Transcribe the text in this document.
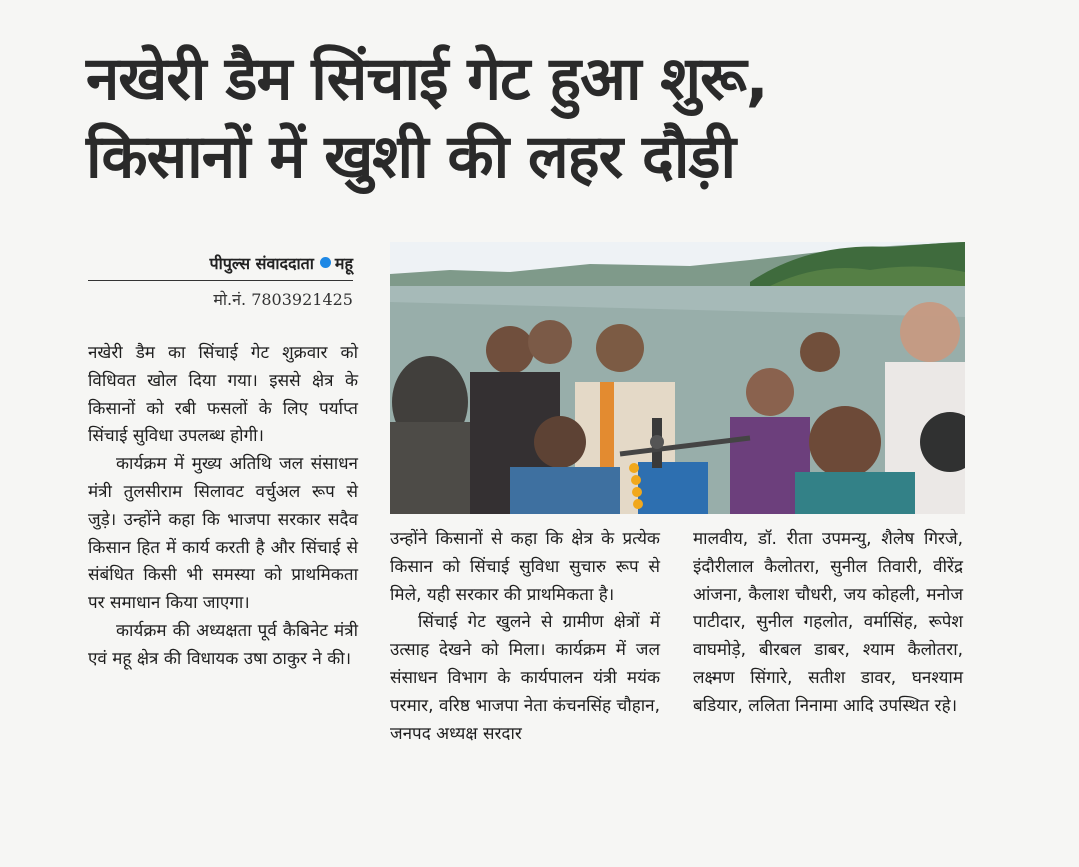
नखेरी डैम सिंचाई गेट हुआ शुरू,
किसानों में खुशी की लहर दौड़ी
पीपुल्स संवाददाता महू
मो.नं. 7803921425

नखेरी डैम का सिंचाई गेट शुक्रवार को विधिवत खोल दिया गया। इससे क्षेत्र के किसानों को रबी फसलों के लिए पर्याप्त सिंचाई सुविधा उपलब्ध होगी।

कार्यक्रम में मुख्य अतिथि जल संसाधन मंत्री तुलसीराम सिलावट वर्चुअल रूप से जुड़े। उन्होंने कहा कि भाजपा सरकार सदैव किसान हित में कार्य करती है और सिंचाई से संबंधित किसी भी समस्या को प्राथमिकता पर समाधान किया जाएगा।

कार्यक्रम की अध्यक्षता पूर्व कैबिनेट मंत्री एवं महू क्षेत्र की विधायक उषा ठाकुर ने की।

उन्होंने किसानों से कहा कि क्षेत्र के प्रत्येक किसान को सिंचाई सुविधा सुचारु रूप से मिले, यही सरकार की प्राथमिकता है।

सिंचाई गेट खुलने से ग्रामीण क्षेत्रों में उत्साह देखने को मिला। कार्यक्रम में जल संसाधन विभाग के कार्यपालन यंत्री मयंक परमार, वरिष्ठ भाजपा नेता कंचनसिंह चौहान, जनपद अध्यक्ष सरदार

मालवीय, डॉ. रीता उपमन्यु, शैलेष गिरजे, इंदौरीलाल कैलोतरा, सुनील तिवारी, वीरेंद्र आंजना, कैलाश चौधरी, जय कोहली, मनोज पाटीदार, सुनील गहलोत, वर्मासिंह, रूपेश वाघमोड़े, बीरबल डाबर, श्याम कैलोतरा, लक्ष्मण सिंगारे, सतीश डावर, घनश्याम बडियार, ललिता निनामा आदि उपस्थित रहे।
